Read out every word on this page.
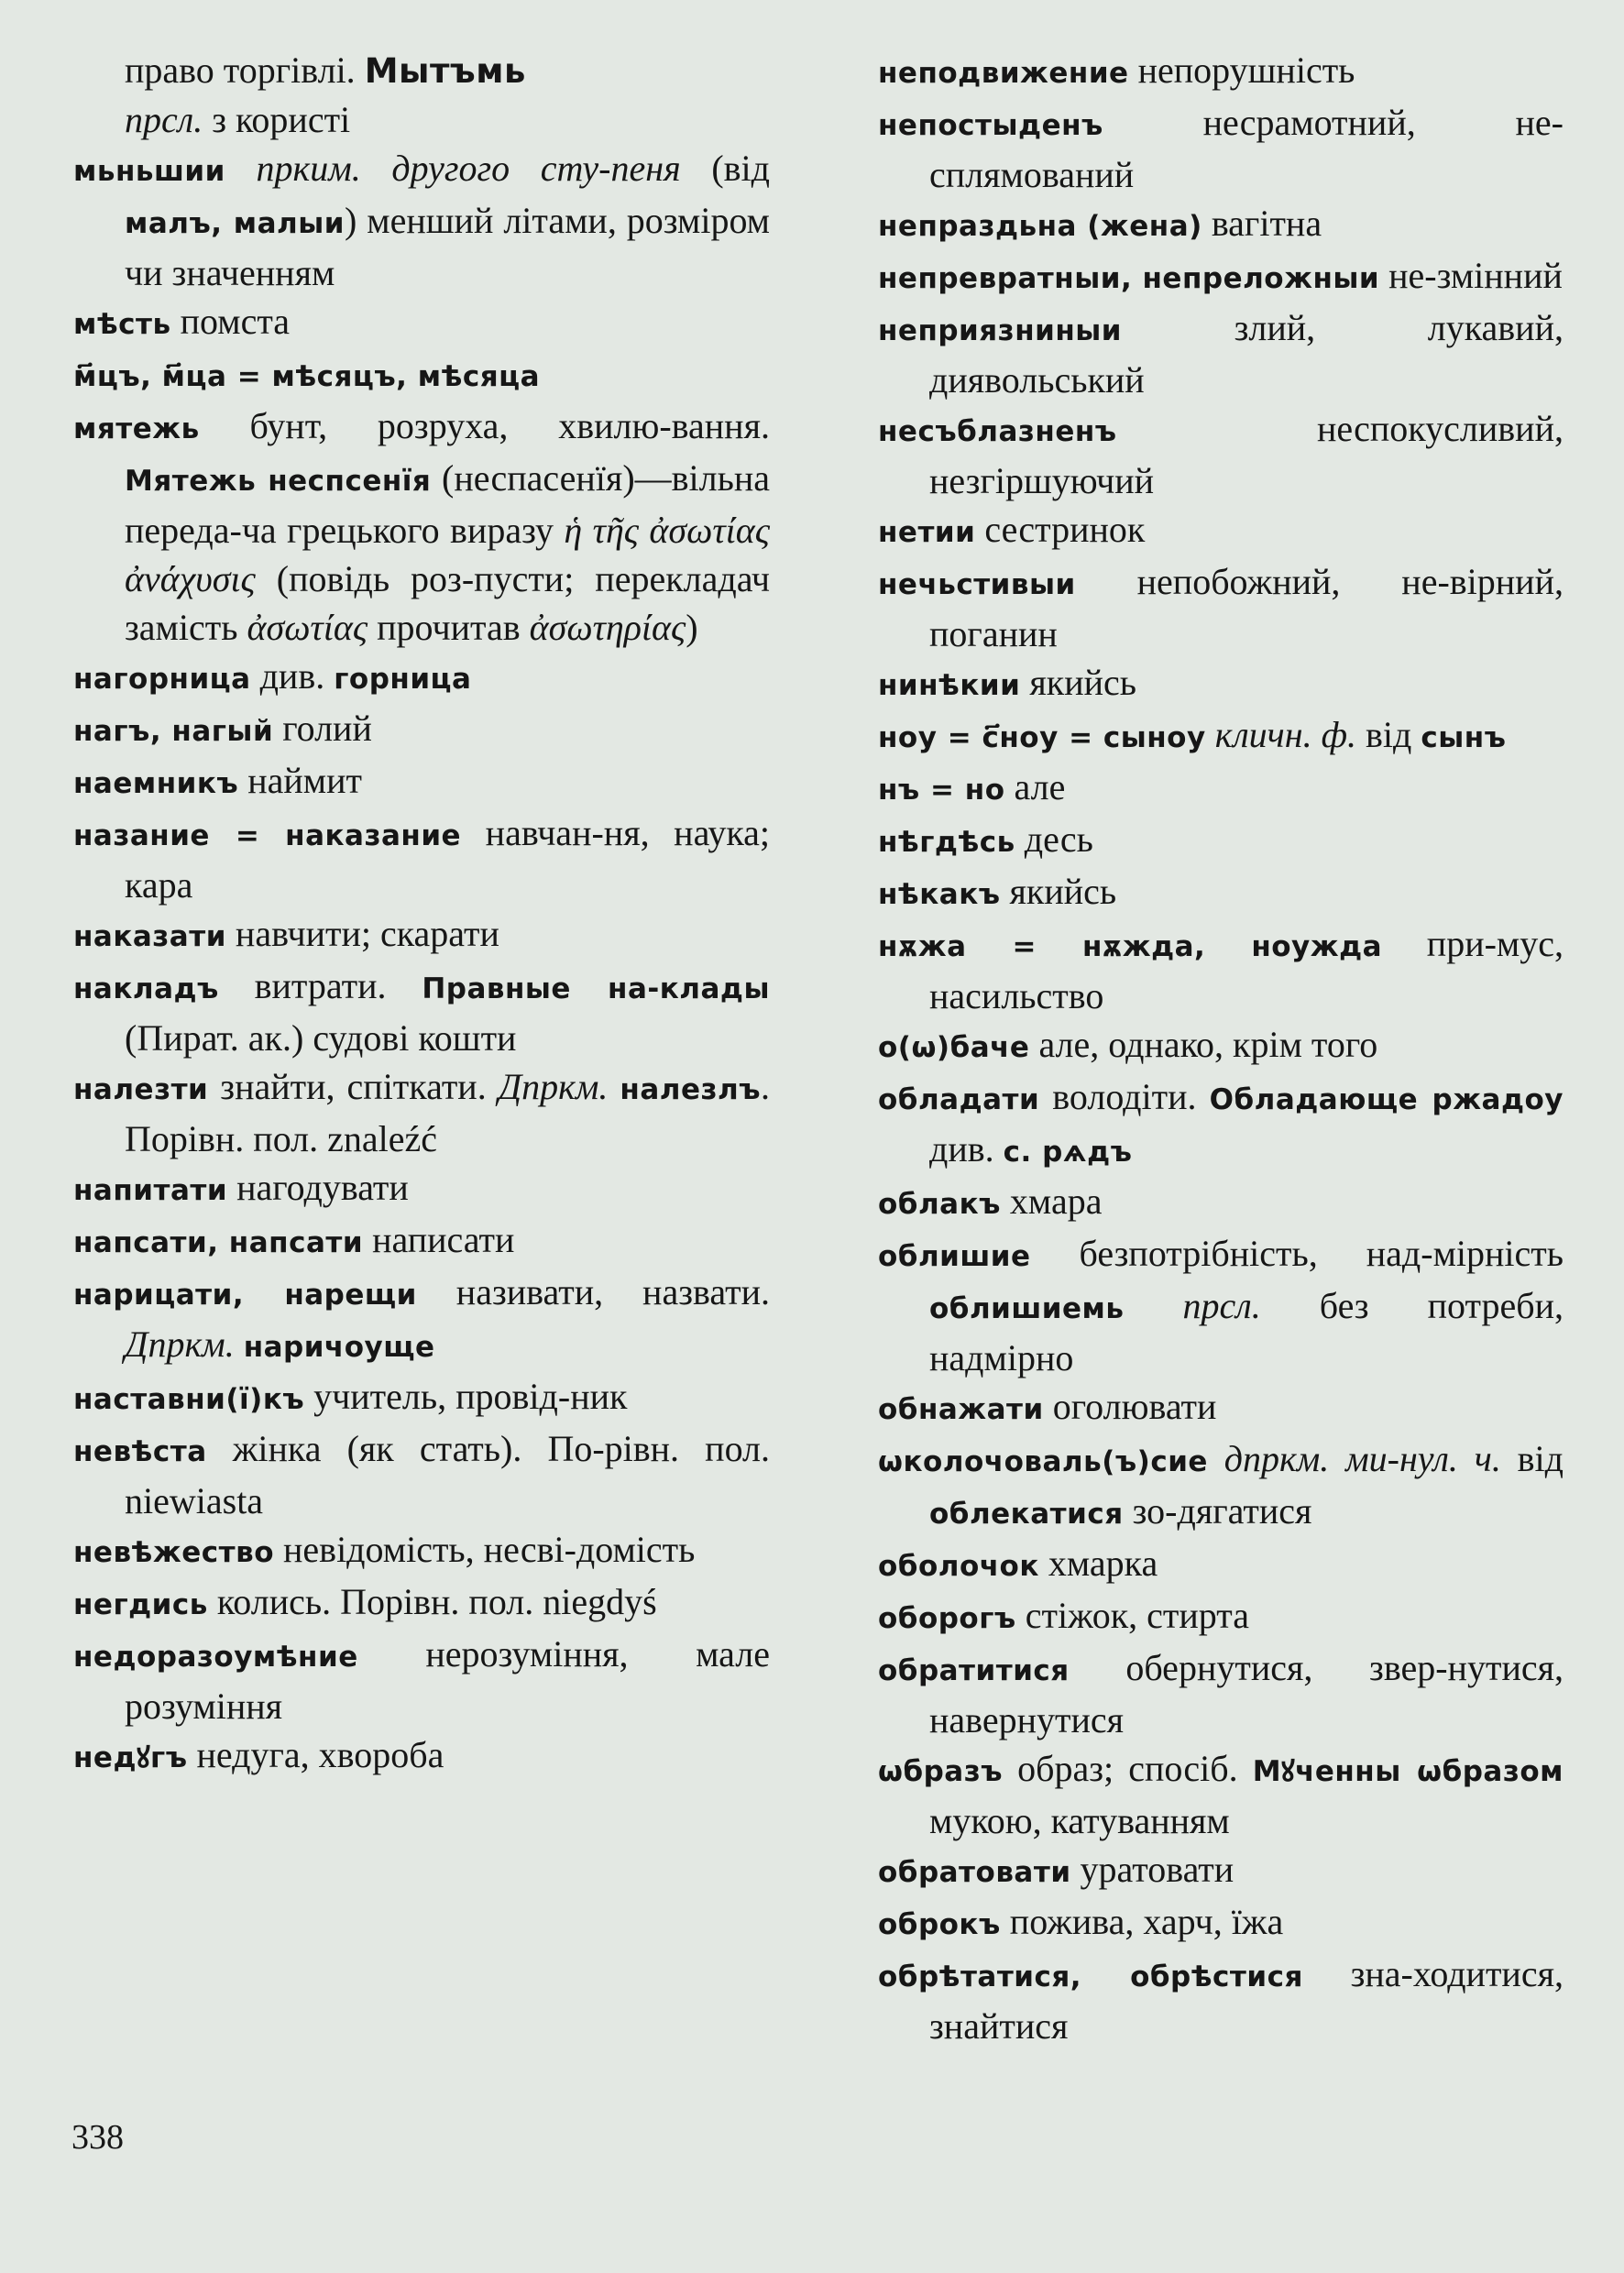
право торгівлі. Мытъмь
прсл. з користі
мьньшии прким. другого сту-пеня (від малъ, малыи) менший літами, розміром чи значенням
мѣсть помста
м҃цъ, м҃ца = мѣсяцъ, мѣсяца
мятежь бунт, розруха, хвилю-вання. Мятежь неспсенїя (неспасенїя)—вільна переда-ча грецького виразу ἡ τῆς ἀσωτίας ἀνάχυσις (повідь роз-пусти; перекладач замість ἀσωτίας прочитав ἀσωτηρίας)
нагорница див. горница
нагъ, нагый голий
наемникъ наймит
назание = наказание навчан-ня, наука; кара
наказати навчити; скарати
накладъ витрати. Правные на-клады (Пират. ак.) судові кошти
налезти знайти, спіткати. Дпркм. налезлъ. Порівн. пол. znaleźć
напитати нагодувати
напсати, напсати написати
нарицати, нарещи називати, назвати. Дпркм. наричоуще
наставни(ї)къ учитель, провід-ник
невѣста жінка (як стать). По-рівн. пол. niewiasta
невѣжество невідомість, несві-домість
негдись колись. Порівн. пол. niegdyś
недоразоумѣние нерозуміння, мале розуміння
недꙋгъ недуга, хвороба
неподвижение непорушність
непостыденъ несрамотний, не-сплямований
непраздьна (жена) вагітна
непревратныи, непреложныи не-змінний
неприязниныи злий, лукавий, диявольський
несъблазненъ неспокусливий, незгіршуючий
нетии сестринок
нечьстивыи непобожний, не-вірний, поганин
нинѣкии якийсь
ноу = с҃ноу = сыноу кличн. ф. від сынъ
нъ = но але
нѣгдѣсь десь
нѣкакъ якийсь
нѫжа = нѫжда, ноужда при-мус, насильство
о(ѡ)баче але, однако, крім того
обладати володіти. Обладающе ржадоу див. с. рѧдъ
облакъ хмара
облишие безпотрібність, над-мірність облишиемь прсл. без потреби, надмірно
обнажати оголювати
ѡколочоваль(ъ)сие дпркм. ми-нул. ч. від облекатися зо-дягатися
оболочок хмарка
оборогъ стіжок, стирта
обратитися обернутися, звер-нутися, навернутися
ѡбразъ образ; спосіб. Мꙋченны ѡбразом мукою, катуванням
обратовати уратовати
оброкъ пожива, харч, їжа
обрѣтатися, обрѣстися зна-ходитися, знайтися
338
